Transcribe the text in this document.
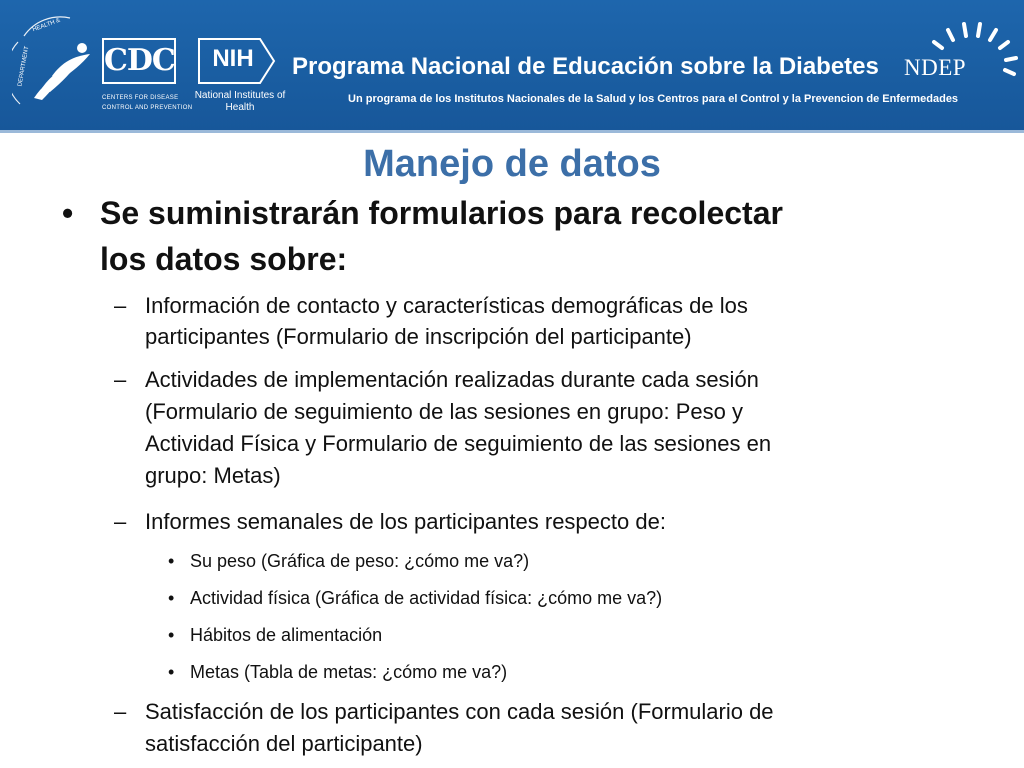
DEPARTMENT
HEALTH &
CDC
CENTERS FOR DISEASE
CONTROL AND PREVENTION
NIH
National Institutes of Health
Programa Nacional de Educación sobre la Diabetes
Un programa de los Institutos Nacionales de la Salud y los Centros para el Control y la Prevencion de Enfermedades
NDEP
Manejo de datos
• Se suministrarán formularios para recolectar
los datos sobre:
– Información de contacto y características demográficas de los
participantes (Formulario de inscripción del participante)
– Actividades de implementación realizadas durante cada sesión
(Formulario de seguimiento de las sesiones en grupo: Peso y
Actividad Física y Formulario de seguimiento de las sesiones en
grupo: Metas)
– Informes semanales de los participantes respecto de:
• Su peso (Gráfica de peso: ¿cómo me va?)
• Actividad física (Gráfica de actividad física: ¿cómo me va?)
• Hábitos de alimentación
• Metas (Tabla de metas: ¿cómo me va?)
– Satisfacción de los participantes con cada sesión (Formulario de
satisfacción del participante)
